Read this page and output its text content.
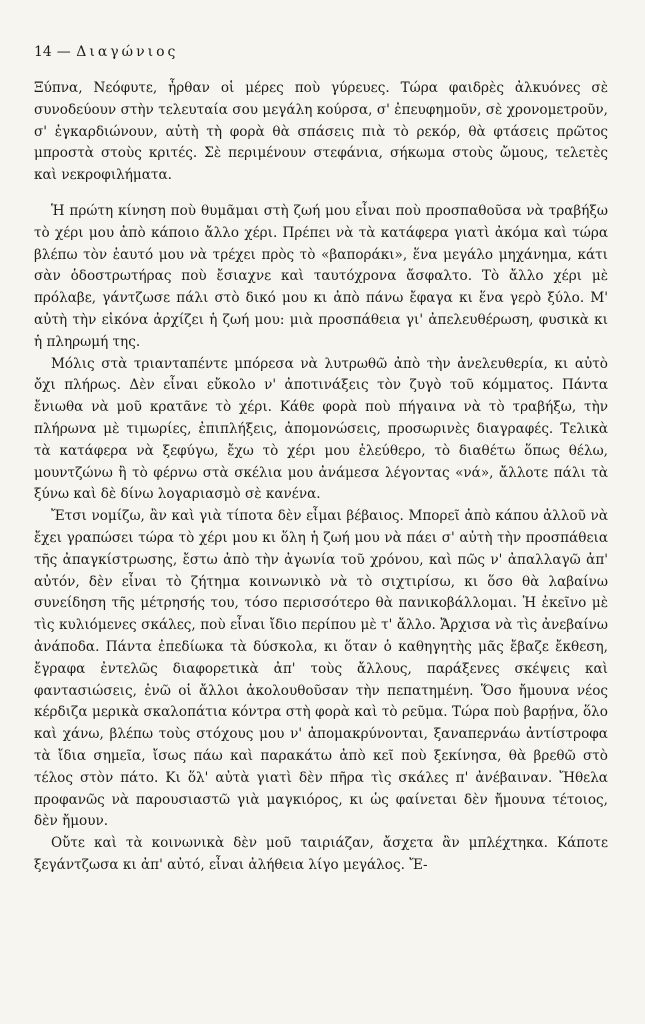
14 — Διαγώνιος

Ξύπνα, Νεόφυτε, ἦρθαν οἱ μέρες ποὺ γύρευες. Τώρα φαιδρὲς ἀλκυόνες σὲ συνοδεύουν στὴν τελευταία σου μεγάλη κούρσα, σ' ἐπευφημοῦν, σὲ χρονομετροῦν, σ' ἐγκαρδιώνουν, αὐτὴ τὴ φορὰ θὰ σπάσεις πιὰ τὸ ρεκόρ, θὰ φτάσεις πρῶτος μπροστὰ στοὺς κριτές. Σὲ περιμένουν στεφάνια, σήκωμα στοὺς ὤμους, τελετὲς καὶ νεκροφιλήματα.

Ἡ πρώτη κίνηση ποὺ θυμᾶμαι στὴ ζωή μου εἶναι ποὺ προσπαθοῦσα νὰ τραβήξω τὸ χέρι μου ἀπὸ κάποιο ἄλλο χέρι. Πρέπει νὰ τὰ κατάφερα γιατὶ ἀκόμα καὶ τώρα βλέπω τὸν ἑαυτό μου νὰ τρέχει πρὸς τὸ «βαποράκι», ἕνα μεγάλο μηχάνημα, κάτι σὰν ὁδοστρωτήρας ποὺ ἔσιαχνε καὶ ταυτόχρονα ἄσφαλτο. Τὸ ἄλλο χέρι μὲ πρόλαβε, γάντζωσε πάλι στὸ δικό μου κι ἀπὸ πάνω ἔφαγα κι ἕνα γερὸ ξύλο. Μ' αὐτὴ τὴν εἰκόνα ἀρχίζει ἡ ζωή μου: μιὰ προσπάθεια γι' ἀπελευθέρωση, φυσικὰ κι ἡ πληρωμή της.

Μόλις στὰ τριανταπέντε μπόρεσα νὰ λυτρωθῶ ἀπὸ τὴν ἀνελευθερία, κι αὐτὸ ὄχι πλήρως. Δὲν εἶναι εὔκολο ν' ἀποτινάξεις τὸν ζυγὸ τοῦ κόμματος. Πάντα ἔνιωθα νὰ μοῦ κρατᾶνε τὸ χέρι. Κάθε φορὰ ποὺ πήγαινα νὰ τὸ τραβήξω, τὴν πλήρωνα μὲ τιμωρίες, ἐπιπλήξεις, ἀπομονώσεις, προσωρινὲς διαγραφές. Τελικὰ τὰ κατάφερα νὰ ξεφύγω, ἔχω τὸ χέρι μου ἐλεύθερο, τὸ διαθέτω ὅπως θέλω, μουντζώνω ἢ τὸ φέρνω στὰ σκέλια μου ἀνάμεσα λέγοντας «νά», ἄλλοτε πάλι τὰ ξύνω καὶ δὲ δίνω λογαριασμὸ σὲ κανένα.

Ἔτσι νομίζω, ἂν καὶ γιὰ τίποτα δὲν εἶμαι βέβαιος. Μπορεῖ ἀπὸ κάπου ἀλλοῦ νὰ ἔχει γραπώσει τώρα τὸ χέρι μου κι ὅλη ἡ ζωή μου νὰ πάει σ' αὐτὴ τὴν προσπάθεια τῆς ἀπαγκίστρωσης, ἔστω ἀπὸ τὴν ἀγωνία τοῦ χρόνου, καὶ πῶς ν' ἀπαλλαγῶ ἀπ' αὐτόν, δὲν εἶναι τὸ ζήτημα κοινωνικὸ νὰ τὸ σιχτιρίσω, κι ὅσο θὰ λαβαίνω συνείδηση τῆς μέτρησής του, τόσο περισσότερο θὰ πανικοβάλλομαι. Ἡ ἐκεῖνο μὲ τὶς κυλιόμενες σκάλες, ποὺ εἶναι ἴδιο περίπου μὲ τ' ἄλλο. Ἄρχισα νὰ τὶς ἀνεβαίνω ἀνάποδα. Πάντα ἐπεδίωκα τὰ δύσκολα, κι ὅταν ὁ καθηγητὴς μᾶς ἔβαζε ἔκθεση, ἔγραφα ἐντελῶς διαφορετικὰ ἀπ' τοὺς ἄλλους, παράξενες σκέψεις καὶ φαντασιώσεις, ἐνῶ οἱ ἄλλοι ἀκολουθοῦσαν τὴν πεπατημένη. Ὅσο ἤμουνα νέος κέρδιζα μερικὰ σκαλοπάτια κόντρα στὴ φορὰ καὶ τὸ ρεῦμα. Τώρα ποὺ βαρῄνα, ὅλο καὶ χάνω, βλέπω τοὺς στόχους μου ν' ἀπομακρύνονται, ξαναπερνάω ἀντίστροφα τὰ ἴδια σημεῖα, ἴσως πάω καὶ παρακάτω ἀπὸ κεῖ ποὺ ξεκίνησα, θὰ βρεθῶ στὸ τέλος στὸν πάτο. Κι ὅλ' αὐτὰ γιατὶ δὲν πῆρα τὶς σκάλες π' ἀνέβαιναν. Ἤθελα προφανῶς νὰ παρουσιαστῶ γιὰ μαγκιόρος, κι ὡς φαίνεται δὲν ἤμουνα τέτοιος, δὲν ἤμουν.

Οὔτε καὶ τὰ κοινωνικὰ δὲν μοῦ ταιριάζαν, ἄσχετα ἂν μπλέχτηκα. Κάποτε ξεγάντζωσα κι ἀπ' αὐτό, εἶναι ἀλήθεια λίγο μεγάλος. Ἔ-
